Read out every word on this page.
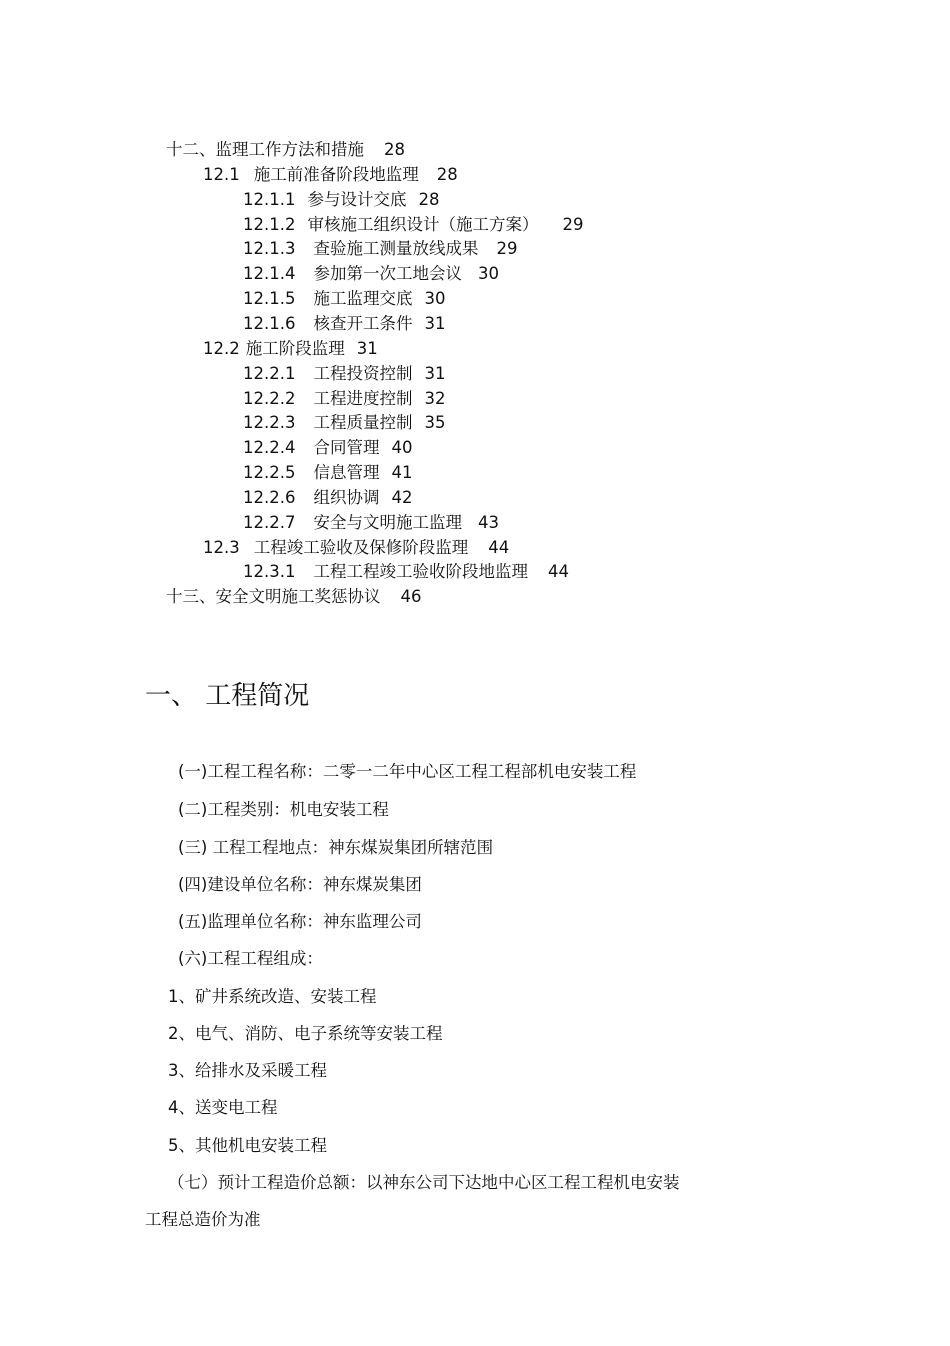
十二、监理工作方法和措施 28

12.1 施工前准备阶段地监理 28

12.1.1 参与设计交底 28

12.1.2 审核施工组织设计（施工方案） 29

12.1.3 查验施工测量放线成果 29

12.1.4 参加第一次工地会议 30

12.1.5 施工监理交底 30

12.1.6 核查开工条件 31

12.2 施工阶段监理 31

12.2.1 工程投资控制 31

12.2.2 工程进度控制 32

12.2.3 工程质量控制 35

12.2.4 合同管理 40

12.2.5 信息管理 41

12.2.6 组织协调 42

12.2.7 安全与文明施工监理 43

12.3 工程竣工验收及保修阶段监理 44

12.3.1 工程工程竣工验收阶段地监理 44

十三、安全文明施工奖惩协议 46

一、 工程简况
(一)工程工程名称：二零一二年中心区工程工程部机电安装工程
(二)工程类别：机电安装工程
(三) 工程工程地点：神东煤炭集团所辖范围
(四)建设单位名称：神东煤炭集团
(五)监理单位名称：神东监理公司
(六)工程工程组成：
1、矿井系统改造、安装工程
2、电气、消防、电子系统等安装工程
3、给排水及采暖工程
4、送变电工程
5、其他机电安装工程
（七）预计工程造价总额：以神东公司下达地中心区工程工程机电安装
工程总造价为准
